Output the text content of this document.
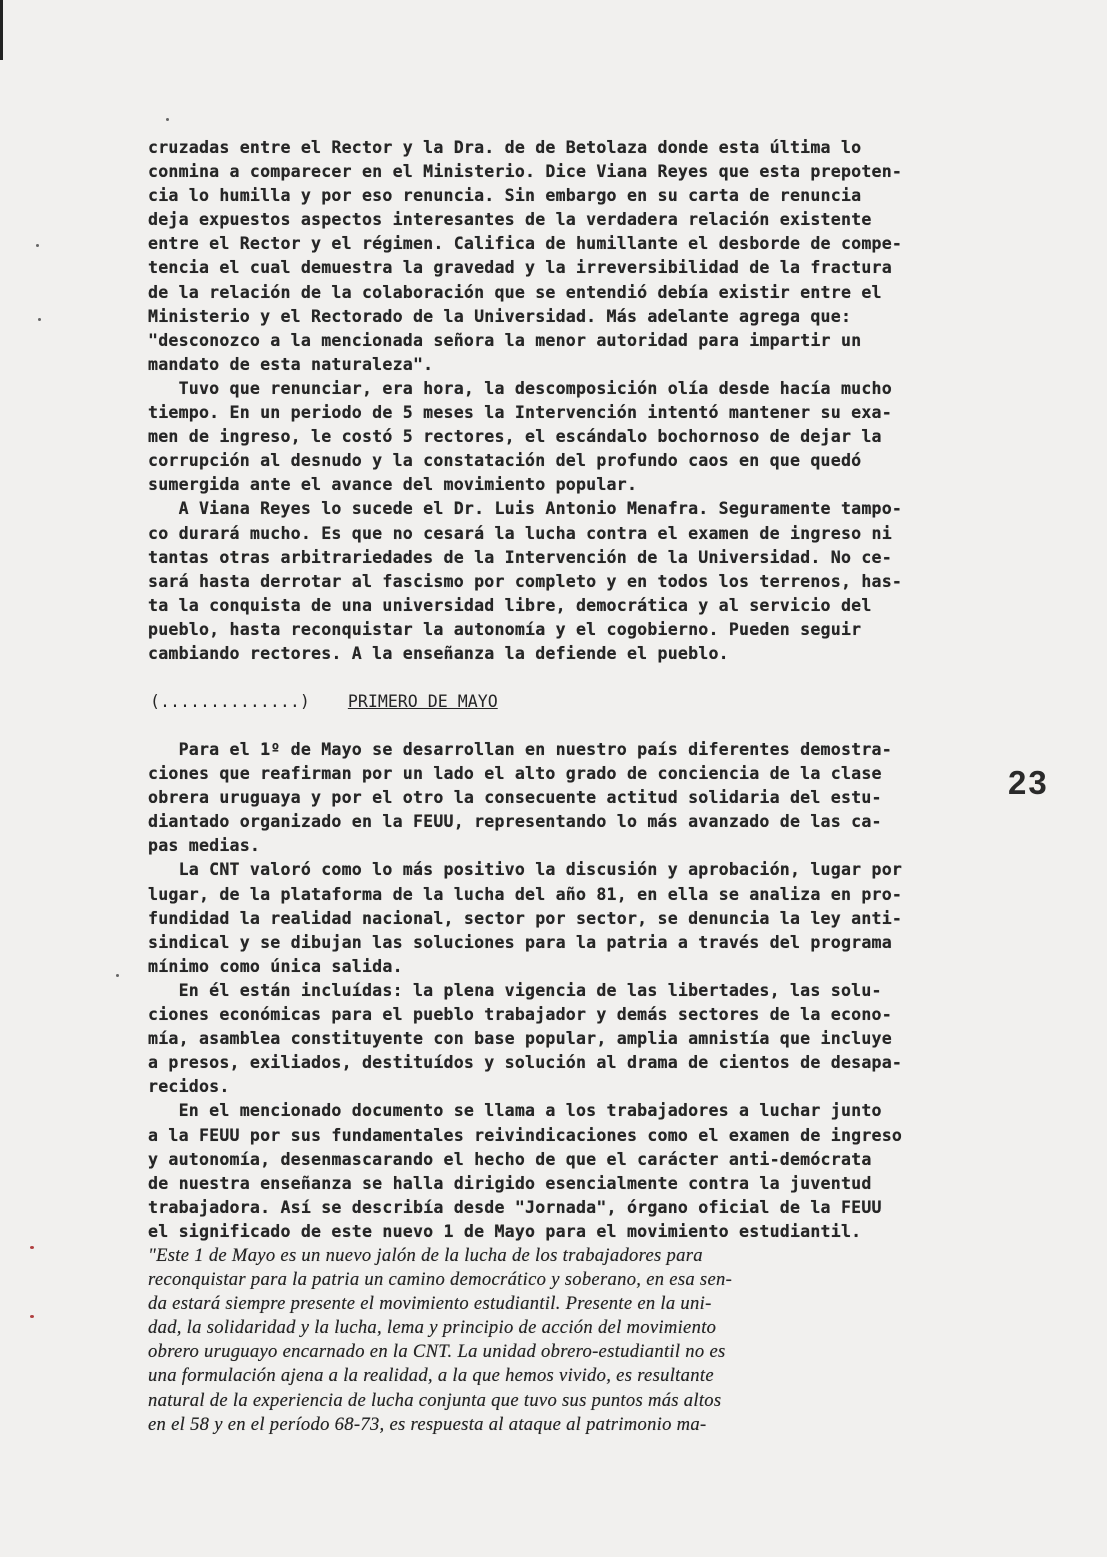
cruzadas entre el Rector y la Dra. de de Betolaza donde esta última lo
conmina a comparecer en el Ministerio. Dice Viana Reyes que esta prepoten-
cia lo humilla y por eso renuncia. Sin embargo en su carta de renuncia
deja expuestos aspectos interesantes de la verdadera relación existente
entre el Rector y el régimen. Califica de humillante el desborde de compe-
tencia el cual demuestra la gravedad y la irreversibilidad de la fractura
de la relación de la colaboración que se entendió debía existir entre el
Ministerio y el Rectorado de la Universidad. Más adelante agrega que:
"desconozco a la mencionada señora la menor autoridad para impartir un
mandato de esta naturaleza".
Tuvo que renunciar, era hora, la descomposición olía desde hacía mucho
tiempo. En un periodo de 5 meses la Intervención intentó mantener su exa-
men de ingreso, le costó 5 rectores, el escándalo bochornoso de dejar la
corrupción al desnudo y la constatación del profundo caos en que quedó
sumergida ante el avance del movimiento popular.
A Viana Reyes lo sucede el Dr. Luis Antonio Menafra. Seguramente tampo-
co durará mucho. Es que no cesará la lucha contra el examen de ingreso ni
tantas otras arbitrariedades de la Intervención de la Universidad. No ce-
sará hasta derrotar al fascismo por completo y en todos los terrenos, has-
ta la conquista de una universidad libre, democrática y al servicio del
pueblo, hasta reconquistar la autonomía y el cogobierno. Pueden seguir
cambiando rectores. A la enseñanza la defiende el pueblo.
(..............) PRIMERO DE MAYO
Para el 1º de Mayo se desarrollan en nuestro país diferentes demostra-
ciones que reafirman por un lado el alto grado de conciencia de la clase
obrera uruguaya y por el otro la consecuente actitud solidaria del estu-
diantado organizado en la FEUU, representando lo más avanzado de las ca-
pas medias.
La CNT valoró como lo más positivo la discusión y aprobación, lugar por
lugar, de la plataforma de la lucha del año 81, en ella se analiza en pro-
fundidad la realidad nacional, sector por sector, se denuncia la ley anti-
sindical y se dibujan las soluciones para la patria a través del programa
mínimo como única salida.
En él están incluídas: la plena vigencia de las libertades, las solu-
ciones económicas para el pueblo trabajador y demás sectores de la econo-
mía, asamblea constituyente con base popular, amplia amnistía que incluye
a presos, exiliados, destituídos y solución al drama de cientos de desapa-
recidos.
En el mencionado documento se llama a los trabajadores a luchar junto
a la FEUU por sus fundamentales reivindicaciones como el examen de ingreso
y autonomía, desenmascarando el hecho de que el carácter anti-demócrata
de nuestra enseñanza se halla dirigido esencialmente contra la juventud
trabajadora. Así se describía desde "Jornada", órgano oficial de la FEUU
el significado de este nuevo 1 de Mayo para el movimiento estudiantil.
"Este 1 de Mayo es un nuevo jalón de la lucha de los trabajadores para
reconquistar para la patria un camino democrático y soberano, en esa sen-
da estará siempre presente el movimiento estudiantil. Presente en la uni-
dad, la solidaridad y la lucha, lema y principio de acción del movimiento
obrero uruguayo encarnado en la CNT. La unidad obrero-estudiantil no es
una formulación ajena a la realidad, a la que hemos vivido, es resultante
natural de la experiencia de lucha conjunta que tuvo sus puntos más altos
en el 58 y en el período 68-73, es respuesta al ataque al patrimonio ma-
23
